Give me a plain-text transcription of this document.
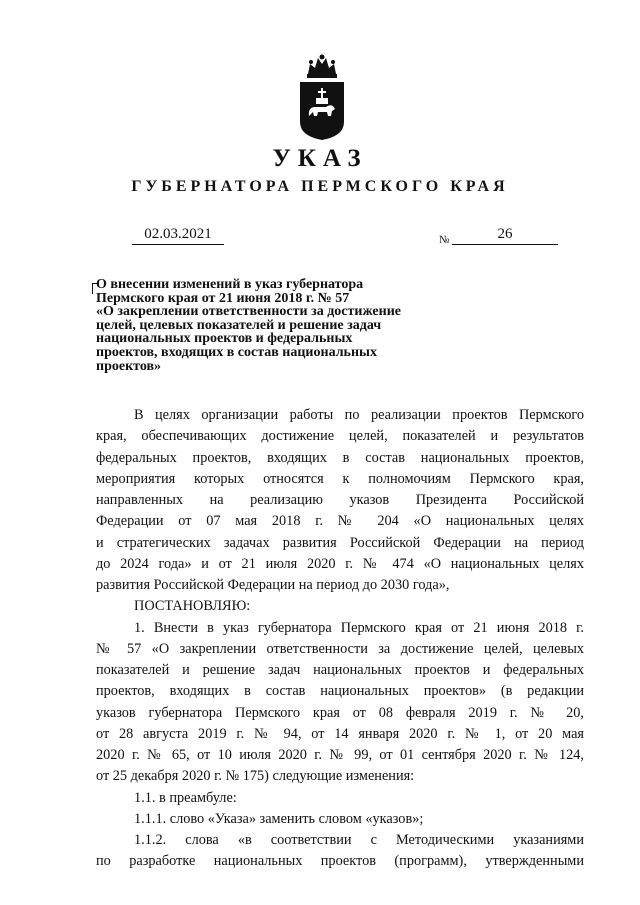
УКАЗ
ГУБЕРНАТОРА ПЕРМСКОГО КРАЯ
02.03.2021	№	26
О внесении изменений в указ губернатора
Пермского края от 21 июня 2018 г. № 57
«О закреплении ответственности за достижение
целей, целевых показателей и решение задач
национальных проектов и федеральных
проектов, входящих в состав национальных
проектов»
В целях организации работы по реализации проектов Пермского
края, обеспечивающих достижение целей, показателей и результатов
федеральных проектов, входящих в состав национальных проектов,
мероприятия которых относятся к полномочиям Пермского края,
направленных на реализацию указов Президента Российской
Федерации от 07 мая 2018 г. № 204 «О национальных целях
и стратегических задачах развития Российской Федерации на период
до 2024 года» и от 21 июля 2020 г. № 474 «О национальных целях
развития Российской Федерации на период до 2030 года»,
ПОСТАНОВЛЯЮ:
1. Внести в указ губернатора Пермского края от 21 июня 2018 г.
№ 57 «О закреплении ответственности за достижение целей, целевых
показателей и решение задач национальных проектов и федеральных
проектов, входящих в состав национальных проектов» (в редакции
указов губернатора Пермского края от 08 февраля 2019 г. № 20,
от 28 августа 2019 г. № 94, от 14 января 2020 г. № 1, от 20 мая
2020 г. № 65, от 10 июля 2020 г. № 99, от 01 сентября 2020 г. № 124,
от 25 декабря 2020 г. № 175) следующие изменения:
1.1. в преамбуле:
1.1.1. слово «Указа» заменить словом «указов»;
1.1.2. слова «в соответствии с Методическими указаниями
по разработке национальных проектов (программ), утвержденными
